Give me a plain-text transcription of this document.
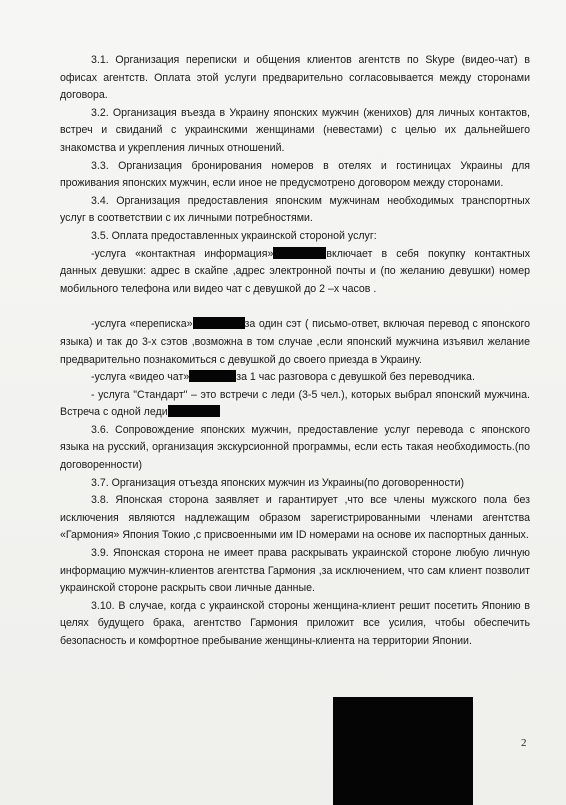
3.1. Организация переписки и общения клиентов агентств по Skype (видео-чат) в офисах агентств. Оплата этой услуги предварительно согласовывается между сторонами договора.

3.2. Организация въезда в Украину японских мужчин (женихов) для личных контактов, встреч и свиданий с украинскими женщинами (невестами) с целью их дальнейшего знакомства и укрепления личных отношений.

3.3. Организация бронирования номеров в отелях и гостиницах Украины для проживания японских мужчин, если иное не предусмотрено договором между сторонами.

3.4. Организация предоставления японским мужчинам необходимых транспортных услуг в соответствии с их личными потребностями.

3.5. Оплата предоставленных украинской стороной услуг:

-услуга «контактная информация»	включает в себя покупку контактных данных девушки: адрес в скайпе ,адрес электронной почты и (по желанию девушки) номер мобильного телефона или видео чат с девушкой до 2 –х часов .

-услуга «переписка»	за один сэт ( письмо-ответ, включая перевод с японского языка) и так до 3-х сэтов ,возможна в том случае ,если японский мужчина изъявил желание предварительно познакомиться с девушкой до своего приезда в Украину.

-услуга «видео чат»	за 1 час разговора с девушкой без переводчика.

- услуга "Стандарт" – это встречи с леди (3-5 чел.), которых выбрал японский мужчина. Встреча с одной леди

3.6. Сопровождение японских мужчин, предоставление услуг перевода с японского языка на русский, организация экскурсионной программы, если есть такая необходимость.(по договоренности)

3.7. Организация отъезда японских мужчин из Украины(по договоренности)

3.8. Японская сторона заявляет и гарантирует ,что все члены мужского пола без исключения являются надлежащим образом зарегистрированными членами агентства «Гармония» Япония Токио ,с присвоенными им ID номерами на основе их паспортных данных.

3.9. Японская сторона не имеет права раскрывать украинской стороне любую личную информацию мужчин-клиентов агентства Гармония ,за исключением, что сам клиент позволит украинской стороне раскрыть свои личные данные.

3.10. В случае, когда с украинской стороны женщина-клиент решит посетить Японию в целях будущего брака, агентство Гармония приложит все усилия, чтобы обеспечить безопасность и комфортное пребывание женщины-клиента на территории Японии.

2
